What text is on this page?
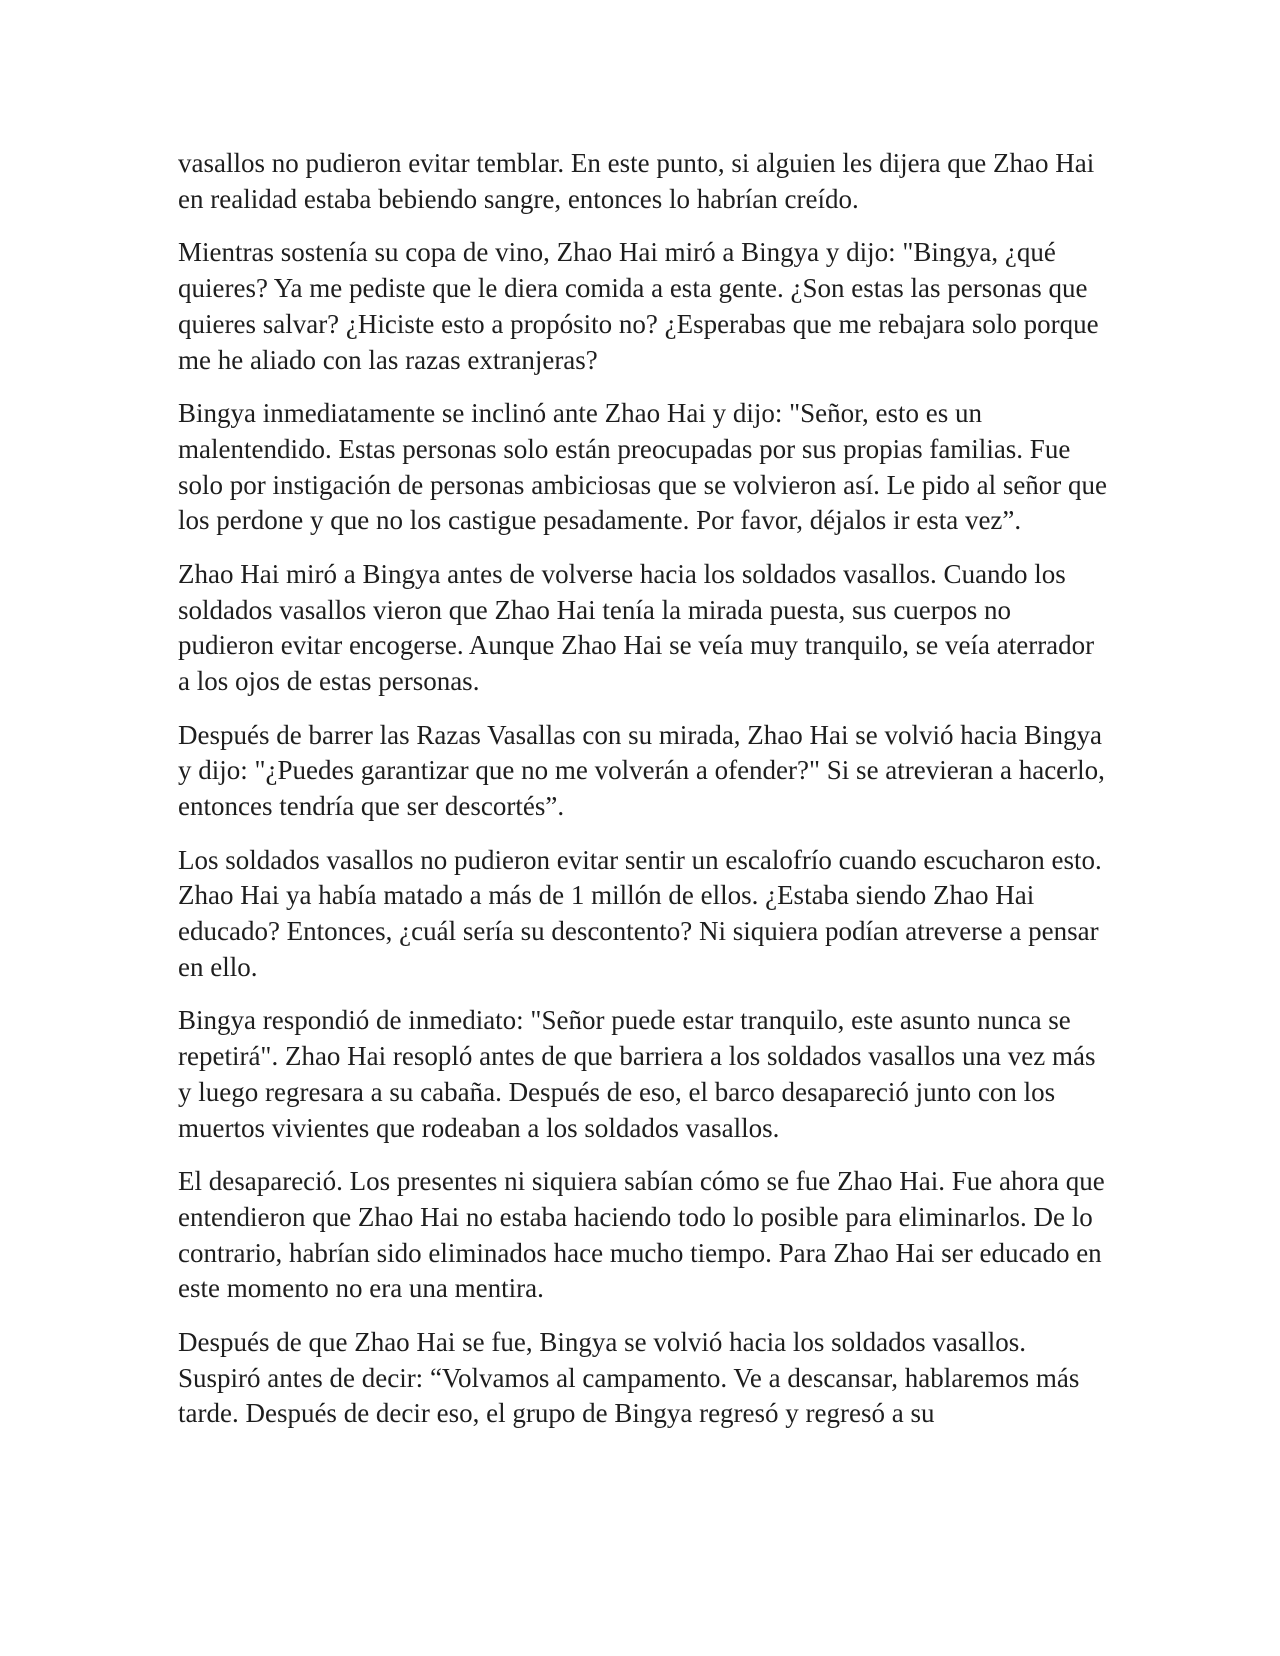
vasallos no pudieron evitar temblar. En este punto, si alguien les dijera que Zhao Hai en realidad estaba bebiendo sangre, entonces lo habrían creído.

Mientras sostenía su copa de vino, Zhao Hai miró a Bingya y dijo: "Bingya, ¿qué quieres? Ya me pediste que le diera comida a esta gente. ¿Son estas las personas que quieres salvar? ¿Hiciste esto a propósito no? ¿Esperabas que me rebajara solo porque me he aliado con las razas extranjeras?

Bingya inmediatamente se inclinó ante Zhao Hai y dijo: "Señor, esto es un malentendido. Estas personas solo están preocupadas por sus propias familias. Fue solo por instigación de personas ambiciosas que se volvieron así. Le pido al señor que los perdone y que no los castigue pesadamente. Por favor, déjalos ir esta vez”.

Zhao Hai miró a Bingya antes de volverse hacia los soldados vasallos. Cuando los soldados vasallos vieron que Zhao Hai tenía la mirada puesta, sus cuerpos no pudieron evitar encogerse. Aunque Zhao Hai se veía muy tranquilo, se veía aterrador a los ojos de estas personas.

Después de barrer las Razas Vasallas con su mirada, Zhao Hai se volvió hacia Bingya y dijo: "¿Puedes garantizar que no me volverán a ofender?" Si se atrevieran a hacerlo, entonces tendría que ser descortés”.

Los soldados vasallos no pudieron evitar sentir un escalofrío cuando escucharon esto. Zhao Hai ya había matado a más de 1 millón de ellos. ¿Estaba siendo Zhao Hai educado? Entonces, ¿cuál sería su descontento? Ni siquiera podían atreverse a pensar en ello.

Bingya respondió de inmediato: "Señor puede estar tranquilo, este asunto nunca se repetirá". Zhao Hai resopló antes de que barriera a los soldados vasallos una vez más y luego regresara a su cabaña. Después de eso, el barco desapareció junto con los muertos vivientes que rodeaban a los soldados vasallos.

El desapareció. Los presentes ni siquiera sabían cómo se fue Zhao Hai. Fue ahora que entendieron que Zhao Hai no estaba haciendo todo lo posible para eliminarlos. De lo contrario, habrían sido eliminados hace mucho tiempo. Para Zhao Hai ser educado en este momento no era una mentira.

Después de que Zhao Hai se fue, Bingya se volvió hacia los soldados vasallos. Suspiró antes de decir: “Volvamos al campamento. Ve a descansar, hablaremos más tarde. Después de decir eso, el grupo de Bingya regresó y regresó a su
